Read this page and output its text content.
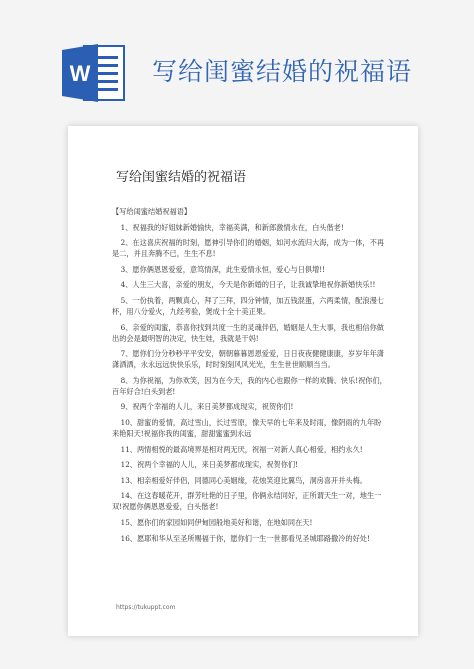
W 写给闺蜜结婚的祝福语
写给闺蜜结婚的祝福语

【写给闺蜜结婚祝福语】

1、祝福我的好姐妹新婚愉快，幸福美满，和新郎激情永在，白头偕老!

2、在这喜庆祝福的时刻，愿神引导你们的婚姻，如河水流归大海，成为一体，不再是二，并且奔腾不已，生生不息!

3、愿你俩恩恩爱爱，意笃情深，此生爱情永恒，爱心与日俱增!!

4、人生三大喜，亲爱的朋友，今天是你新婚的日子，让我诚挚地祝你新婚快乐!!

5、一份执着，两颗真心，拜了三拜，四分钟情，加五钱混蛋，六两柔情，配浪漫七杯，用八分爱火，九经考验，煲成十全十美正果。

6、亲爱的闺蜜，恭喜你找到共度一生的灵魂伴侣，婚姻是人生大事，我也相信你做出的会是最明智的决定，快生娃，我就是干妈!

7、愿你们分分秒秒平平安安，朝朝暮暮恩恩爱爱，日日夜夜健健康康，岁岁年年潇潇洒洒，永永远远快快乐乐，时时刻刻风风光光，生生世世顺顺当当。

8、为你祝福，为你欢笑，因为在今天，我的内心也跟你一样的欢腾、快乐!祝你们，百年好合!白头到老!

9、祝两个幸福的人儿，来日美梦都成现实，祝贺你们!

10、甜蜜的爱情，高过雪山，长过雪原，像天早的七年来及时雨，像阴雨的九年盼来艳阳天!祝福你我的闺蜜，甜甜蜜蜜到永远

11、两情相悦的最高境界是相对两无厌，祝福一对新人真心相爱，相约永久!

12、祝两个幸福的人儿，来日美梦都成现实，祝贺你们!

13、相亲相爱好伴侣，同德同心美姻缘，花烛笑迎比翼鸟，洞房喜开并头梅。

14、在这春暖花开，群芳吐艳的日子里，你俩永结同好，正所谓天生一对，地生一双!祝愿你俩恩恩爱爱，白头偕老!

15、愿你们的家园如同伊甸园般地美好和谐，在地如同在天!

16、愿耶和华从至圣所赐福于你，愿你们一生一世都看见圣城耶路撒冷的好处!

https://tukuppt.com
